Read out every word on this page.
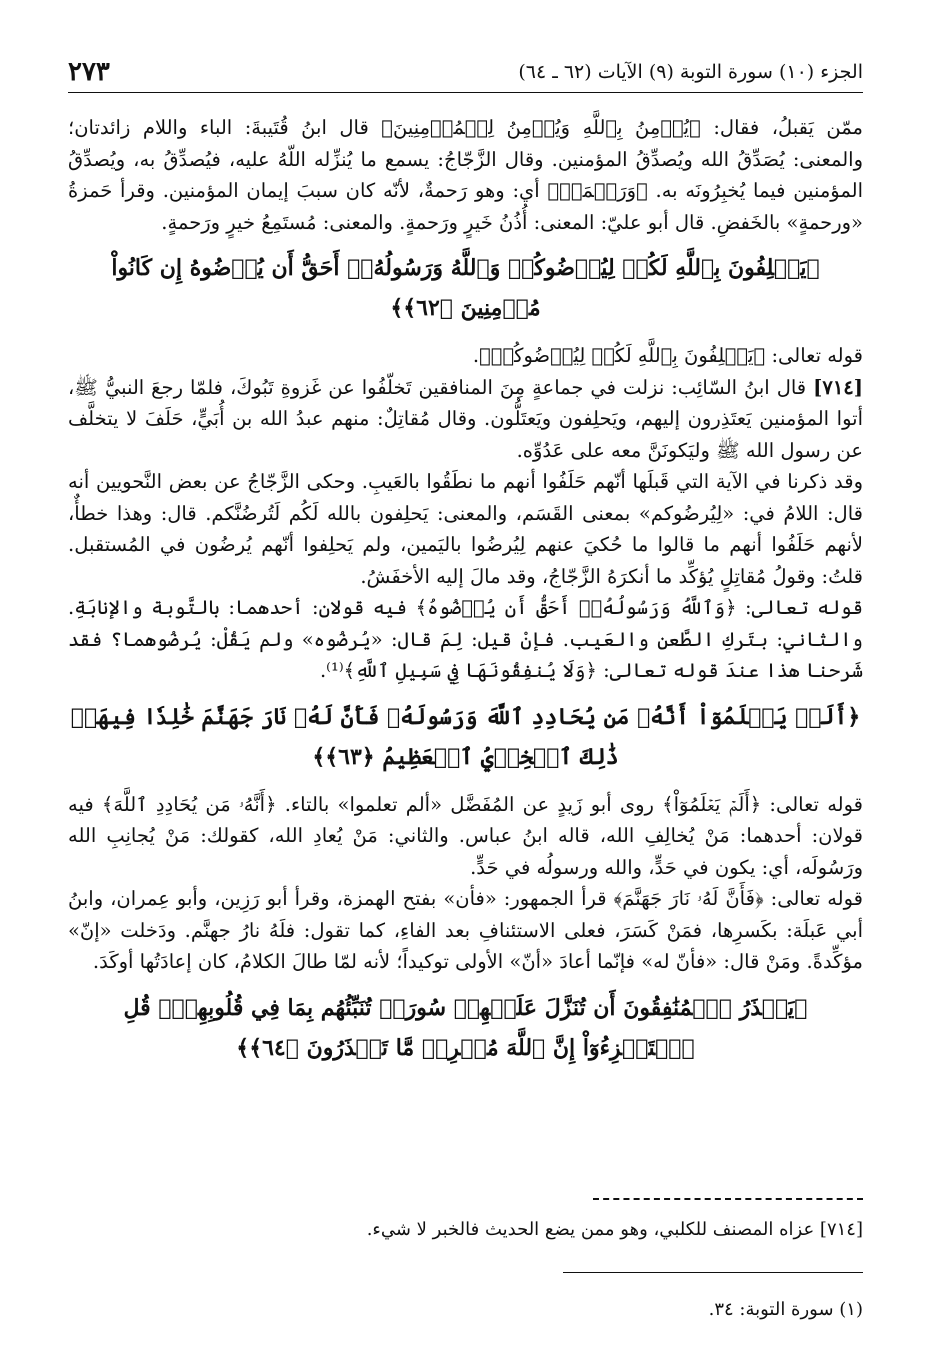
الجزء (١٠) سورة التوبة (٩) الآيات (٦٢ ـ ٦٤)
٢٧٣

ممّن يَقبلُ، فقال: ﴿يُؤۡمِنُ بِٱللَّهِ وَيُؤۡمِنُ لِلۡمُؤۡمِنِينَ﴾ قال ابنُ قُتَيبةَ: الباء واللام زائدتان؛ والمعنى: يُصَدِّقُ الله ويُصدِّقُ المؤمنين. وقال الزَّجّاجُ: يسمع ما يُنزِّله اللّهُ عليه، فيُصدِّقُ به، ويُصدِّقُ المؤمنين فيما يُخبِرُونَه به. ﴿وَرَحۡمَةٞ﴾ أي: وهو رَحمةٌ، لأنّه كان سببَ إيمان المؤمنين. وقرأ حَمزةُ «ورحمةٍ» بالخَفضِ. قال أبو عليّ: المعنى: أُذُنُ خَيرٍ ورَحمةٍ. والمعنى: مُستَمِعُ خيرٍ ورَحمةٍ.

﴿يَحۡلِفُونَ بِٱللَّهِ لَكُمۡ لِيُرۡضُوكُمۡ وَٱللَّهُ وَرَسُولُهُۥٓ أَحَقُّ أَن يُرۡضُوهُ إِن كَانُواْ مُؤۡمِنِينَ ﴿٦٢﴾﴾

قوله تعالى: ﴿يَحۡلِفُونَ بِٱللَّهِ لَكُمۡ لِيُرۡضُوكُمۡ﴾.

[٧١٤] قال ابنُ السّائِب: نزلت في جماعةٍ مِنَ المنافقين تَخلّفُوا عن غَزوةِ تَبُوكَ، فلمّا رجعَ النبيُّ ﷺ، أتوا المؤمنين يَعتَذِرون إليهم، ويَحلِفون ويَعتَلُّون. وقال مُقاتِلٌ: منهم عبدُ الله بن أُبَيٍّ، حَلَفَ لا يتخلَّف عن رسول الله ﷺ وليَكونَنَّ معه على عَدُوِّه.

وقد ذكرنا في الآية التي قَبلَها أنّهم حَلَفُوا أنهم ما نطَقُوا بالعَيبِ. وحكى الزَّجّاجُ عن بعض النَّحويين أنه قال: اللامُ في: «لِيُرضُوكم» بمعنى القَسَم، والمعنى: يَحلِفون بالله لَكُم لَتُرضُنَّكم. قال: وهذا خطأٌ، لأنهم حَلَفُوا أنهم ما قالوا ما حُكيَ عنهم لِيُرضُوا باليَمين، ولم يَحلِفوا أنّهم يُرضُون في المُستقبل. قلتُ: وقولُ مُقاتِلٍ يُؤكِّد ما أنكرَهُ الزَّجّاجُ، وقد مالَ إليه الأخفَشُ.

قوله تعالى: ﴿وَٱللَّهُ وَرَسُولُهُۥٓ أَحَقُّ أَن يُرۡضُوهُ﴾ فيه قولان: أحدهما: بالتَّوبة والإنابَةِ. والثاني: بتَركِ الطَّعن والعَيب. فإنْ قيل: لِمَ قال: «يُرضُوه» ولم يَقُلْ: يُرضُوهما؟ فقد شَرحنا هذا عندَ قوله تعالى: ﴿وَلَا يُنفِقُونَهَا فِي سَبِيلِ ٱللَّهِ﴾⁽¹⁾.

﴿أَلَمۡ يَعۡلَمُوٓاْ أَنَّهُۥ مَن يُحَادِدِ ٱللَّهَ وَرَسُولَهُۥ فَأَنَّ لَهُۥ نَارَ جَهَنَّمَ خَٰلِدٗا فِيهَاۚ ذَٰلِكَ ٱلۡخِزۡيُ ٱلۡعَظِيمُ ﴿٦٣﴾﴾

قوله تعالى: ﴿أَلَمۡ يَعۡلَمُوٓاْ﴾ روى أبو زَيدٍ عن المُفَضَّل «ألم تعلموا» بالتاء. ﴿أَنَّهُۥ مَن يُحَادِدِ ٱللَّهَ﴾ فيه قولان: أحدهما: مَنْ يُخالِفِ الله، قاله ابنُ عباس. والثاني: مَنْ يُعادِ الله، كقولك: مَنْ يُجانِبِ الله ورَسُولَه، أي: يكون في حَدٍّ، والله ورسولُه في حَدٍّ.

قوله تعالى: ﴿فَأَنَّ لَهُۥ نَارَ جَهَنَّمَ﴾ قرأ الجمهور: «فأن» بفتح الهمزة، وقرأ أبو رَزِين، وأبو عِمران، وابنُ أبي عَبلَة: بكَسرِها، فمَنْ كَسَرَ، فعلى الاستئنافِ بعد الفاءِ، كما تقول: فلَهُ نارُ جهنَّم. ودَخلت «إنّ» مؤكِّدةً. ومَنْ قال: «فأنّ له» فإنّما أعادَ «أنّ» الأولى توكيداً؛ لأنه لمّا طالَ الكلامُ، كان إعادَتُها أوكَدَ.

﴿يَحۡذَرُ ٱلۡمُنَٰفِقُونَ أَن تُنَزَّلَ عَلَيۡهِمۡ سُورَةٞ تُنَبِّئُهُم بِمَا فِي قُلُوبِهِمۡۚ قُلِ ٱسۡتَهۡزِءُوٓاْ إِنَّ ٱللَّهَ مُخۡرِجٞ مَّا تَحۡذَرُونَ ﴿٦٤﴾﴾

[٧١٤] عزاه المصنف للكلبي، وهو ممن يضع الحديث فالخبر لا شيء.
(١) سورة التوبة: ٣٤.
